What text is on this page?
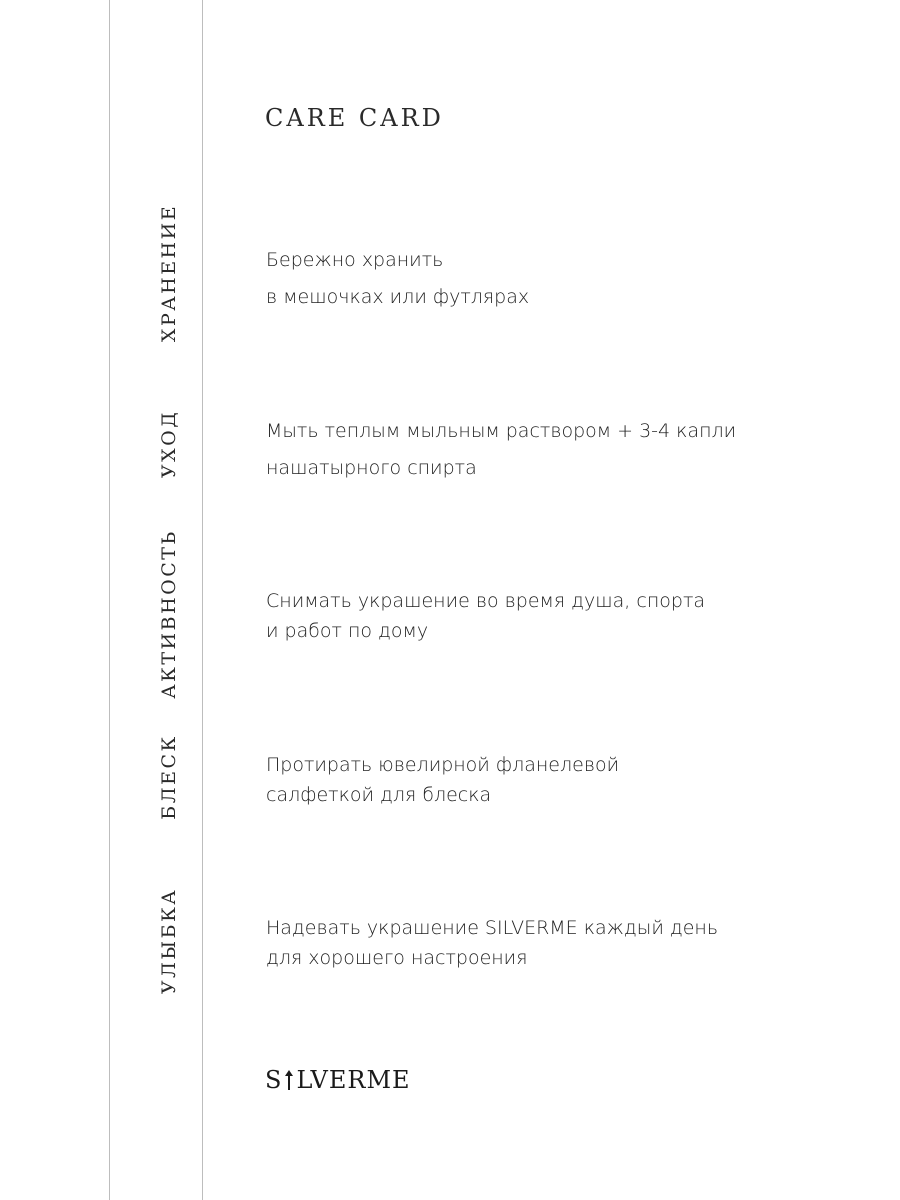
CARE CARD
ХРАНЕНИЕ
УХОД
АКТИВНОСТЬ
БЛЕСК
УЛЫБКА
Бережно хранить
в мешочках или футлярах
Мыть теплым мыльным раствором + 3-4 капли
нашатырного спирта
Снимать украшение во время душа, спорта
и работ по дому
Протирать ювелирной фланелевой
салфеткой для блеска
Надевать украшение SILVERME каждый день
для хорошего настроения
S LVERME
